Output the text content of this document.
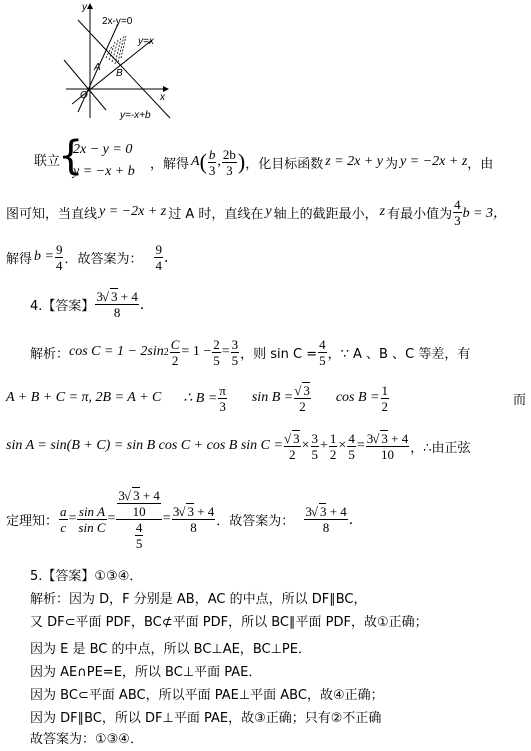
y
x
O
2x-y=0
y=x
y=-x+b
A
B
联立
{
2x − y = 0
y = −x + b ，解得 A ( $\frac{b}{3}$ , $\frac{2b}{3}$ ) ，化目标函数 z = 2x + y 为 y = −2x + z ，由
图可知，当直线 y = −2x + z 过 A 时，直线在 y 轴上的截距最小， z 有最小值为 $\frac{4}{3}$ b = 3，
解得 $b = \frac{9}{4}$ ．故答案为： $\frac{9}{4}$ ．
4.【答案】 $\frac{3√ 3 + 4}{8}$ ．
解析： cos C = 1 − 2sin $2 \frac{C}{2} = 1 - \frac{2}{5} = \frac{3}{5}$ ，则 $\sin C = \frac{4}{5}$ ，∵ A 、B 、C 等差，有
A + B + C = π, 2B = A + C ∴ $B = \frac{\pi}{3}$ $\sin B = \frac{√ 3}{2}$ $\cos B = \frac{1}{2}$	而
sin A = sin(B + C) = sin B cos C + cos B $\sin C = \frac{√ 3}{2} \times \frac{3}{5} + \frac{1}{2} \times \frac{4}{5} = \frac{3√ 3 + 4}{10}$ ，∴由正弦
定理知： $\frac{a}{c} = \frac{\text{sin A}}{\text{sin C}} = \frac{\frac{3√ 3 + 4}{10}}{\frac{4}{5}} = \frac{3√ 3 + 4}{8}$ ．故答案为： $\frac{3√ 3 + 4}{8}$ ．
5.【答案】①③④．
解析：因为 D，F 分别是 AB，AC 的中点，所以 DF∥BC，
又 DF⊂平面 PDF，BC⊄平面 PDF，所以 BC∥平面 PDF，故①正确；
因为 E 是 BC 的中点，所以 BC⊥AE，BC⊥PE．
因为 AE∩PE=E，所以 BC⊥平面 PAE．
因为 BC⊂平面 ABC，所以平面 PAE⊥平面 ABC，故④正确；
因为 DF∥BC，所以 DF⊥平面 PAE，故③正确；只有②不正确
故答案为：①③④．
